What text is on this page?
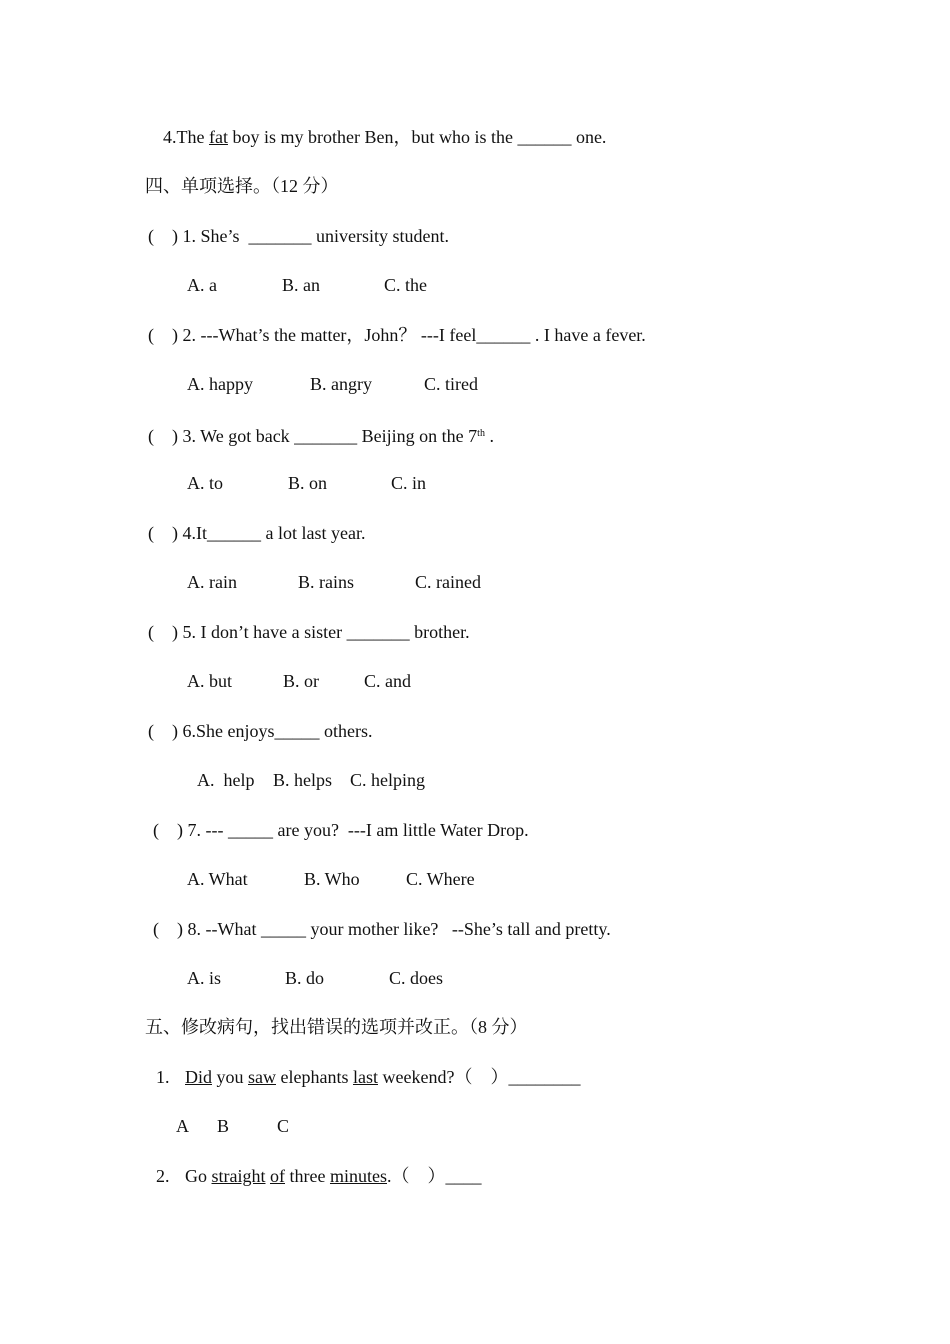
4.The fat boy is my brother Ben，but who is the ______ one.
四、单项选择。（12 分）
(    ) 1. She’s  _______ university student.
A. a	B. an	C. the
(    ) 2. ---What’s the matter，John？ ---I feel______ . I have a fever.
A. happy	B. angry	C. tired
(    ) 3. We got back _______ Beijing on the 7th .
A. to	B. on	C. in
(    ) 4.It______ a lot last year.
A. rain	B. rains	C. rained
(    ) 5. I don’t have a sister _______ brother.
A. but	B. or	C. and
(    ) 6.She enjoys_____ others.
A.  help B. helps C. helping
(    ) 7. --- _____ are you?  ---I am little Water Drop.
A. What	B. Who	C. Where
(    ) 8. --What _____ your mother like?   --She’s tall and pretty.
A. is	B. do	C. does
五、修改病句，找出错误的选项并改正。（8 分）
1. Did you saw elephants last weekend?（    ）________
A B	C
2. Go straight of three minutes.（    ）____
